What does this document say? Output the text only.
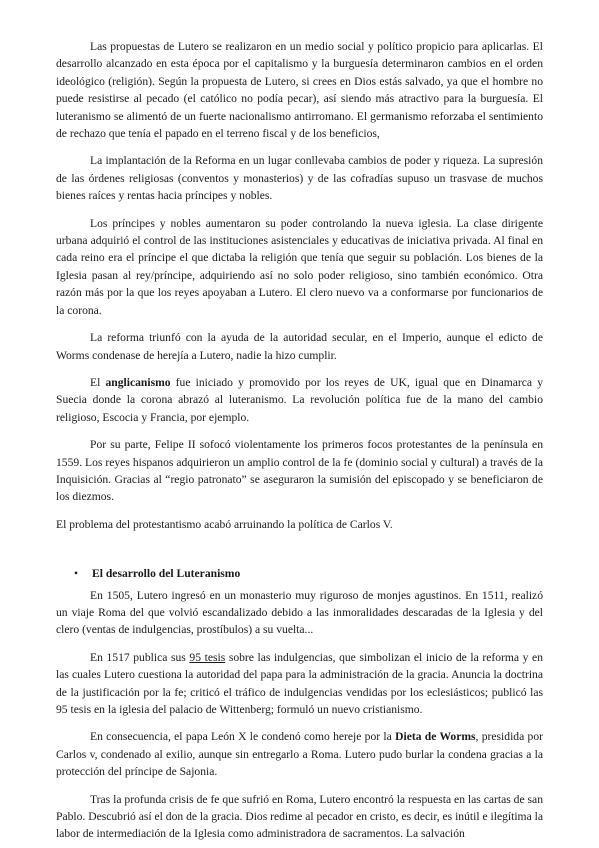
Las propuestas de Lutero se realizaron en un medio social y político propicio para aplicarlas. El desarrollo alcanzado en esta época por el capitalismo y la burguesía determinaron cambios en el orden ideológico (religión). Según la propuesta de Lutero, si crees en Dios estás salvado, ya que el hombre no puede resistirse al pecado (el católico no podía pecar), así siendo más atractivo para la burguesía. El luteranismo se alimentó de un fuerte nacionalismo antirromano. El germanismo reforzaba el sentimiento de rechazo que tenía el papado en el terreno fiscal y de los beneficios,

La implantación de la Reforma en un lugar conllevaba cambios de poder y riqueza. La supresión de las órdenes religiosas (conventos y monasterios) y de las cofradías supuso un trasvase de muchos bienes raíces y rentas hacia príncipes y nobles.

Los príncipes y nobles aumentaron su poder controlando la nueva iglesia. La clase dirigente urbana adquirió el control de las instituciones asistenciales y educativas de iniciativa privada. Al final en cada reino era el príncipe el que dictaba la religión que tenía que seguir su población. Los bienes de la Iglesia pasan al rey/príncipe, adquiriendo así no solo poder religioso, sino también económico. Otra razón más por la que los reyes apoyaban a Lutero. El clero nuevo va a conformarse por funcionarios de la corona.

La reforma triunfó con la ayuda de la autoridad secular, en el Imperio, aunque el edicto de Worms condenase de herejía a Lutero, nadie la hizo cumplir.

El anglicanismo fue iniciado y promovido por los reyes de UK, igual que en Dinamarca y Suecia donde la corona abrazó al luteranismo. La revolución política fue de la mano del cambio religioso, Escocia y Francia, por ejemplo.

Por su parte, Felipe II sofocó violentamente los primeros focos protestantes de la península en 1559. Los reyes hispanos adquirieron un amplio control de la fe (dominio social y cultural) a través de la Inquisición. Gracias al “regio patronato” se aseguraron la sumisión del episcopado y se beneficiaron de los diezmos.

El problema del protestantismo acabó arruinando la política de Carlos V.

•	El desarrollo del Luteranismo

En 1505, Lutero ingresó en un monasterio muy riguroso de monjes agustinos. En 1511, realizó un viaje Roma del que volvió escandalizado debido a las inmoralidades descaradas de la Iglesia y del clero (ventas de indulgencias, prostíbulos) a su vuelta...

En 1517 publica sus 95 tesis sobre las indulgencias, que simbolizan el inicio de la reforma y en las cuales Lutero cuestiona la autoridad del papa para la administración de la gracia. Anuncia la doctrina de la justificación por la fe; criticó el tráfico de indulgencias vendidas por los eclesiásticos; publicó las 95 tesis en la iglesia del palacio de Wittenberg; formuló un nuevo cristianismo.

En consecuencia, el papa León X le condenó como hereje por la Dieta de Worms, presidida por Carlos v, condenado al exilio, aunque sin entregarlo a Roma. Lutero pudo burlar la condena gracias a la protección del príncipe de Sajonia.

Tras la profunda crisis de fe que sufrió en Roma, Lutero encontró la respuesta en las cartas de san Pablo. Descubrió así el don de la gracia. Dios redime al pecador en cristo, es decir, es inútil e ilegítima la labor de intermediación de la Iglesia como administradora de sacramentos. La salvación
